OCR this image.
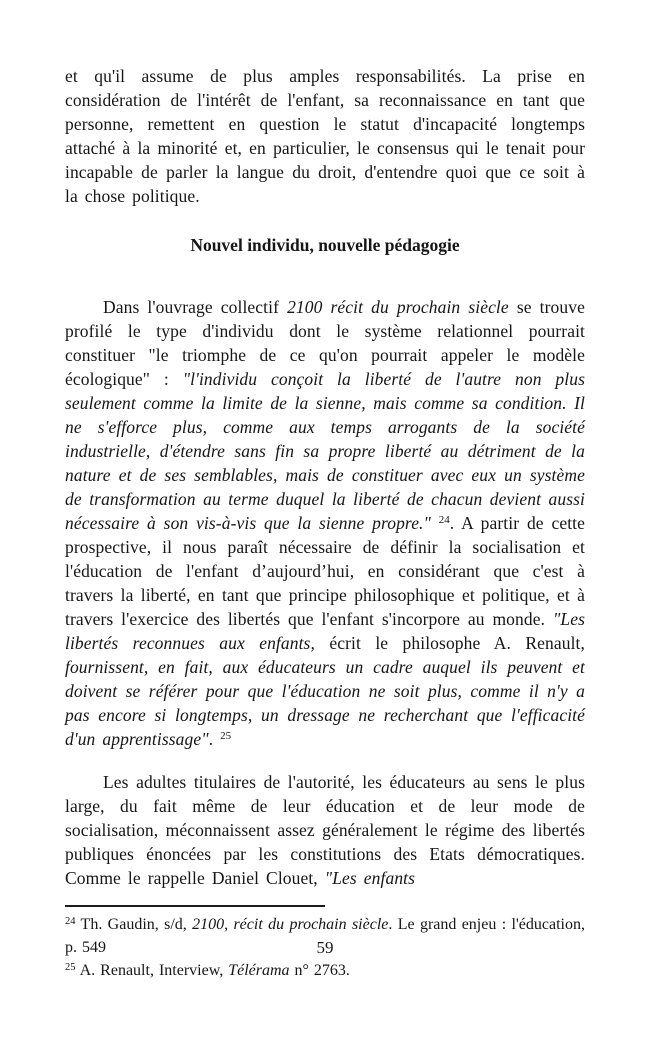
et qu'il assume de plus amples responsabilités. La prise en considération de l'intérêt de l'enfant, sa reconnaissance en tant que personne, remettent en question le statut d'incapacité longtemps attaché à la minorité et, en particulier, le consensus qui le tenait pour incapable de parler la langue du droit, d'entendre quoi que ce soit à la chose politique.

Nouvel individu, nouvelle pédagogie

Dans l'ouvrage collectif 2100 récit du prochain siècle se trouve profilé le type d'individu dont le système relationnel pourrait constituer "le triomphe de ce qu'on pourrait appeler le modèle écologique" : "l'individu conçoit la liberté de l'autre non plus seulement comme la limite de la sienne, mais comme sa condition. Il ne s'efforce plus, comme aux temps arrogants de la société industrielle, d'étendre sans fin sa propre liberté au détriment de la nature et de ses semblables, mais de constituer avec eux un système de transformation au terme duquel la liberté de chacun devient aussi nécessaire à son vis-à-vis que la sienne propre." $^{24}$. A partir de cette prospective, il nous paraît nécessaire de définir la socialisation et l'éducation de l'enfant d’aujourd’hui, en considérant que c'est à travers la liberté, en tant que principe philosophique et politique, et à travers l'exercice des libertés que l'enfant s'incorpore au monde. "Les libertés reconnues aux enfants, écrit le philosophe A. Renault, fournissent, en fait, aux éducateurs un cadre auquel ils peuvent et doivent se référer pour que l'éducation ne soit plus, comme il n'y a pas encore si longtemps, un dressage ne recherchant que l'efficacité d'un apprentissage". $^{25}$

Les adultes titulaires de l'autorité, les éducateurs au sens le plus large, du fait même de leur éducation et de leur mode de socialisation, méconnaissent assez généralement le régime des libertés publiques énoncées par les constitutions des Etats démocratiques. Comme le rappelle Daniel Clouet, "Les enfants

$^{24}$ Th. Gaudin, s/d, 2100, récit du prochain siècle. Le grand enjeu : l'éducation, p. 549

$^{25}$ A. Renault, Interview, Télérama n° 2763.

59
